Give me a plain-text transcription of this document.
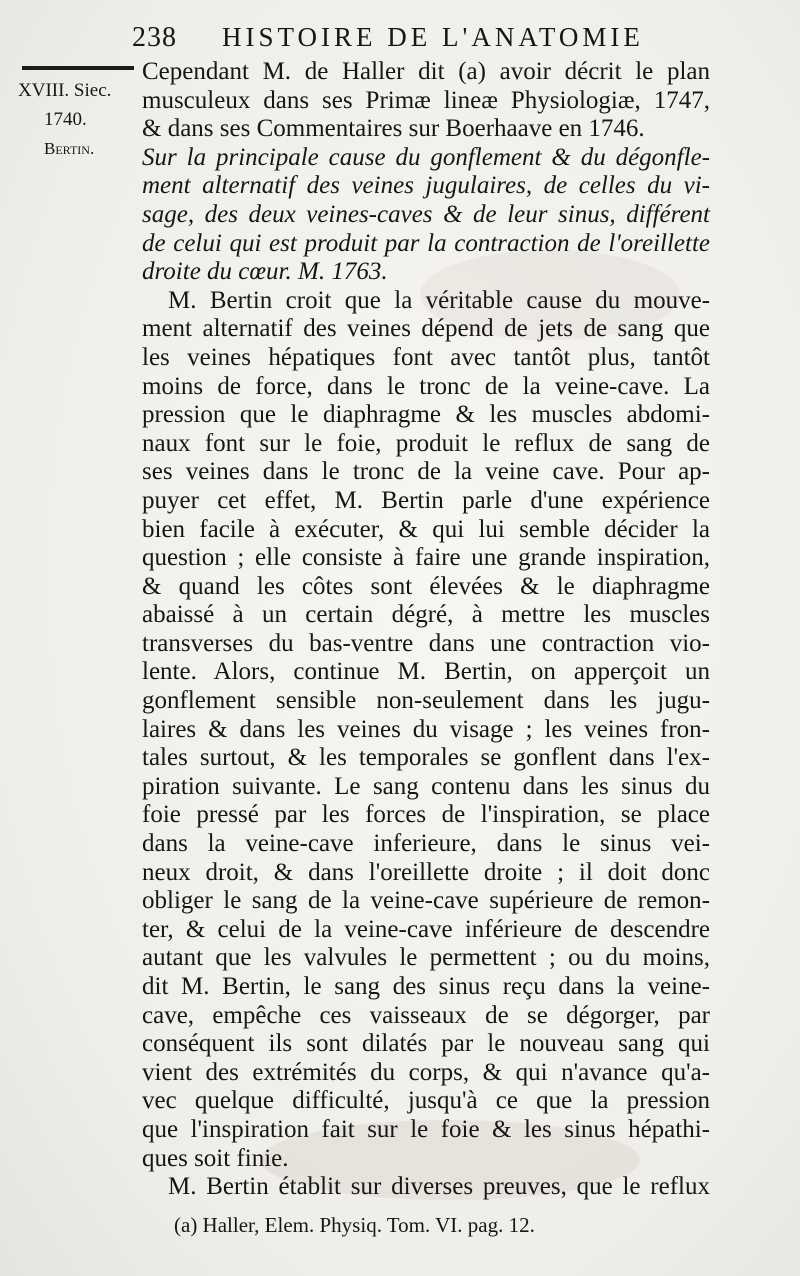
238 HISTOIRE DE L'ANATOMIE
XVIII. Siec.
1740.
Bertin.
Cependant M. de Haller dit (a) avoir décrit le plan
musculeux dans ses Primæ lineæ Physiologiæ, 1747,
& dans ses Commentaires sur Boerhaave en 1746.
Sur la principale cause du gonflement & du dégonfle-
ment alternatif des veines jugulaires, de celles du vi-
sage, des deux veines-caves & de leur sinus, différent
de celui qui est produit par la contraction de l'oreillette
droite du cœur. M. 1763.
M. Bertin croit que la véritable cause du mouve-
ment alternatif des veines dépend de jets de sang que
les veines hépatiques font avec tantôt plus, tantôt
moins de force, dans le tronc de la veine-cave. La
pression que le diaphragme & les muscles abdomi-
naux font sur le foie, produit le reflux de sang de
ses veines dans le tronc de la veine cave. Pour ap-
puyer cet effet, M. Bertin parle d'une expérience
bien facile à exécuter, & qui lui semble décider la
question ; elle consiste à faire une grande inspiration,
& quand les côtes sont élevées & le diaphragme
abaissé à un certain dégré, à mettre les muscles
transverses du bas-ventre dans une contraction vio-
lente. Alors, continue M. Bertin, on apperçoit un
gonflement sensible non-seulement dans les jugu-
laires & dans les veines du visage ; les veines fron-
tales surtout, & les temporales se gonflent dans l'ex-
piration suivante. Le sang contenu dans les sinus du
foie pressé par les forces de l'inspiration, se place
dans la veine-cave inferieure, dans le sinus vei-
neux droit, & dans l'oreillette droite ; il doit donc
obliger le sang de la veine-cave supérieure de remon-
ter, & celui de la veine-cave inférieure de descendre
autant que les valvules le permettent ; ou du moins,
dit M. Bertin, le sang des sinus reçu dans la veine-
cave, empêche ces vaisseaux de se dégorger, par
conséquent ils sont dilatés par le nouveau sang qui
vient des extrémités du corps, & qui n'avance qu'a-
vec quelque difficulté, jusqu'à ce que la pression
que l'inspiration fait sur le foie & les sinus hépathi-
ques soit finie.
M. Bertin établit sur diverses preuves, que le reflux
(a) Haller, Elem. Physiq. Tom. VI. pag. 12.
